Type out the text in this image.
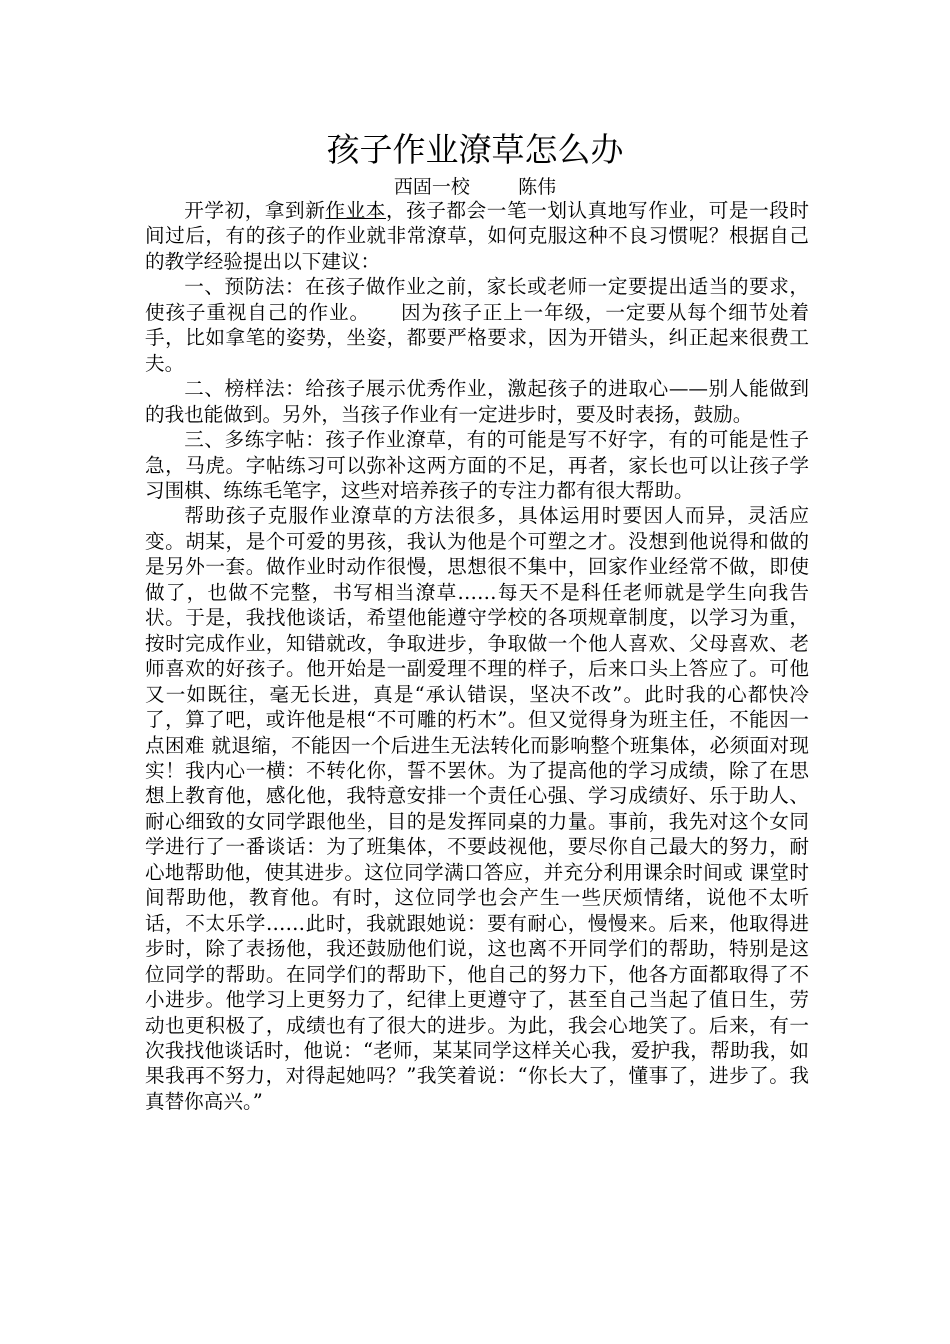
孩子作业潦草怎么办
西固一校        陈伟

开学初，拿到新作业本，孩子都会一笔一划认真地写作业，可是一段时间过后，有的孩子的作业就非常潦草，如何克服这种不良习惯呢？根据自己的教学经验提出以下建议：

一、预防法：在孩子做作业之前，家长或老师一定要提出适当的要求，使孩子重视自己的作业。　　因为孩子正上一年级，一定要从每个细节处着手，比如拿笔的姿势，坐姿，都要严格要求，因为开错头，纠正起来很费工夫。

二、榜样法：给孩子展示优秀作业，激起孩子的进取心——别人能做到的我也能做到。另外，当孩子作业有一定进步时，要及时表扬，鼓励。

三、多练字帖：孩子作业潦草，有的可能是写不好字，有的可能是性子急，马虎。字帖练习可以弥补这两方面的不足，再者，家长也可以让孩子学习围棋、练练毛笔字，这些对培养孩子的专注力都有很大帮助。

帮助孩子克服作业潦草的方法很多，具体运用时要因人而异，灵活应变。胡某，是个可爱的男孩，我认为他是个可塑之才。没想到他说得和做的是另外一套。做作业时动作很慢，思想很不集中，回家作业经常不做，即使做了，也做不完整，书写相当潦草……每天不是科任老师就是学生向我告状。于是，我找他谈话，希望他能遵守学校的各项规章制度，以学习为重，按时完成作业，知错就改，争取进步，争取做一个他人喜欢、父母喜欢、老师喜欢的好孩子。他开始是一副爱理不理的样子，后来口头上答应了。可他又一如既往，毫无长进，真是“承认错误，坚决不改”。此时我的心都快冷了，算了吧，或许他是根“不可雕的朽木”。但又觉得身为班主任，不能因一点困难 就退缩，不能因一个后进生无法转化而影响整个班集体，必须面对现实！我内心一横：不转化你，誓不罢休。为了提高他的学习成绩，除了在思想上教育他，感化他，我特意安排一个责任心强、学习成绩好、乐于助人、耐心细致的女同学跟他坐，目的是发挥同桌的力量。事前，我先对这个女同学进行了一番谈话：为了班集体，不要歧视他，要尽你自己最大的努力，耐心地帮助他，使其进步。这位同学满口答应，并充分利用课余时间或 课堂时间帮助他，教育他。有时，这位同学也会产生一些厌烦情绪，说他不太听话，不太乐学……此时，我就跟她说：要有耐心，慢慢来。后来，他取得进步时，除了表扬他，我还鼓励他们说，这也离不开同学们的帮助，特别是这位同学的帮助。在同学们的帮助下，他自己的努力下，他各方面都取得了不小进步。他学习上更努力了，纪律上更遵守了，甚至自己当起了值日生，劳动也更积极了，成绩也有了很大的进步。为此，我会心地笑了。后来，有一次我找他谈话时，他说：“老师，某某同学这样关心我，爱护我，帮助我，如果我再不努力，对得起她吗？”我笑着说：“你长大了，懂事了，进步了。我真替你高兴。”
